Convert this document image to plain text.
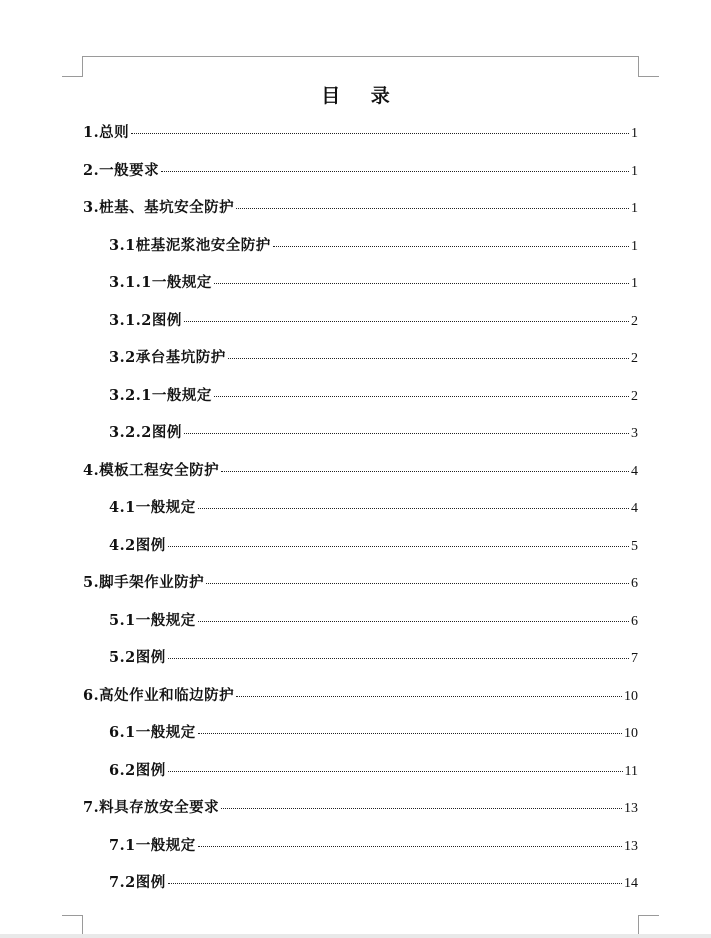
目 录
1.总则	1
2.一般要求	1
3.桩基、基坑安全防护	1
3.1桩基泥浆池安全防护	1
3.1.1一般规定	1
3.1.2图例	2
3.2承台基坑防护	2
3.2.1一般规定	2
3.2.2图例	3
4.模板工程安全防护	4
4.1一般规定	4
4.2图例	5
5.脚手架作业防护	6
5.1一般规定	6
5.2图例	7
6.高处作业和临边防护	10
6.1一般规定	10
6.2图例	11
7.料具存放安全要求	13
7.1一般规定	13
7.2图例	14
